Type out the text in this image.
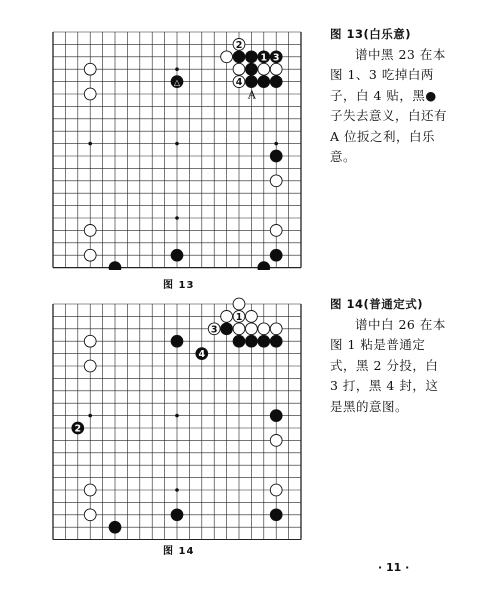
2
1 3
4
△
A
图 13
图 13(白乐意)

谱中黑 23 在本图 1、3 吃掉白两子，白 4 贴，黑●子失去意义，白还有 A 位扳之利，白乐意。

1
3
4
2
图 14
图 14(普通定式)

谱中白 26 在本图 1 粘是普通定式，黑 2 分投，白 3 打，黑 4 封，这是黑的意图。

· 11 ·
